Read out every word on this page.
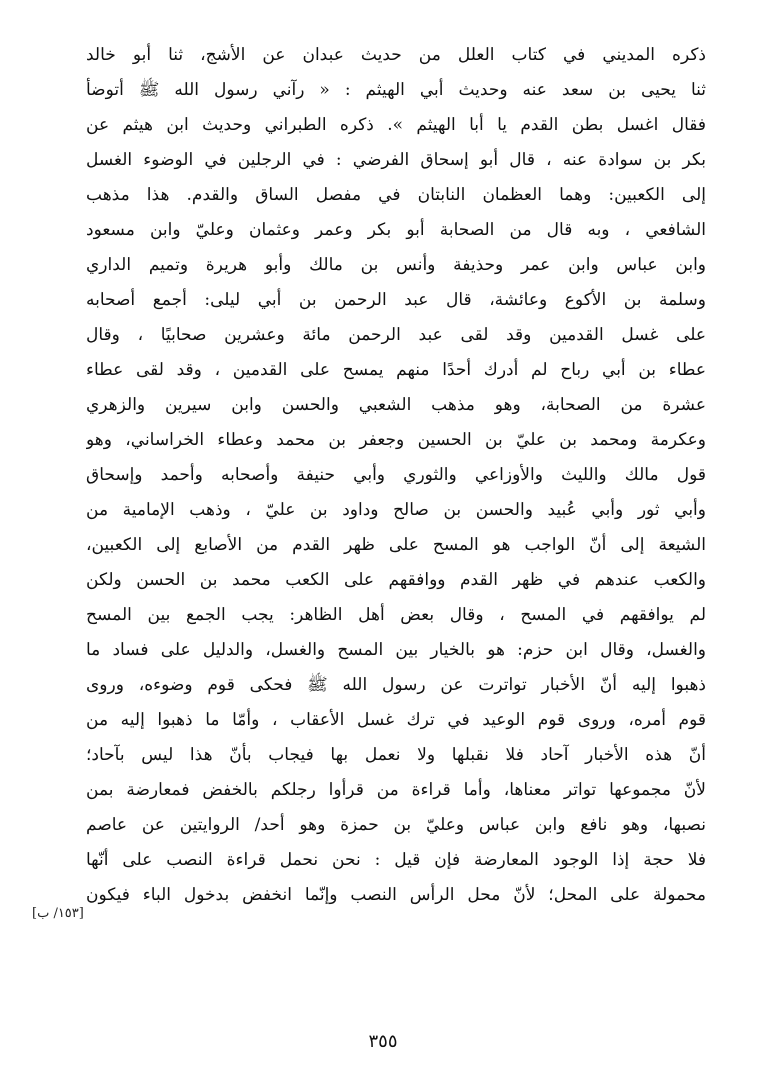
ذكره المديني في كتاب العلل من حديث عبدان عن الأشج، ثنا أبو خالد
ثنا يحيى بن سعد عنه وحديث أبي الهيثم : « رآني رسول الله ﷺ أتوضأ
فقال اغسل بطن القدم يا أبا الهيثم ». ذكره الطبراني وحديث ابن هيثم عن
بكر بن سوادة عنه ، قال أبو إسحاق الفرضي : في الرجلين في الوضوء الغسل
إلى الكعبين: وهما العظمان النابتان في مفصل الساق والقدم. هذا مذهب
الشافعي ، وبه قال من الصحابة أبو بكر وعمر وعثمان وعليّ وابن مسعود
وابن عباس وابن عمر وحذيفة وأنس بن مالك وأبو هريرة وتميم الداري
وسلمة بن الأكوع وعائشة، قال عبد الرحمن بن أبي ليلى: أجمع أصحابه
على غسل القدمين وقد لقى عبد الرحمن مائة وعشرين صحابيًا ، وقال
عطاء بن أبي رباح لم أدرك أحدًا منهم يمسح على القدمين ، وقد لقى عطاء
عشرة من الصحابة، وهو مذهب الشعبي والحسن وابن سيرين والزهري
وعكرمة ومحمد بن عليّ بن الحسين وجعفر بن محمد وعطاء الخراساني، وهو
قول مالك والليث والأوزاعي والثوري وأبي حنيفة وأصحابه وأحمد وإسحاق
وأبي ثور وأبي عُبيد والحسن بن صالح وداود بن عليّ ، وذهب الإمامية من
الشيعة إلى أنّ الواجب هو المسح على ظهر القدم من الأصابع إلى الكعبين،
والكعب عندهم في ظهر القدم ووافقهم على الكعب محمد بن الحسن ولكن
لم يوافقهم في المسح ، وقال بعض أهل الظاهر: يجب الجمع بين المسح
والغسل، وقال ابن حزم: هو بالخيار بين المسح والغسل، والدليل على فساد ما
ذهبوا إليه أنّ الأخبار تواترت عن رسول الله ﷺ فحكى قوم وضوءه، وروى
قوم أمره، وروى قوم الوعيد في ترك غسل الأعقاب ، وأمّا ما ذهبوا إليه من
أنّ هذه الأخبار آحاد فلا نقبلها ولا نعمل بها فيجاب بأنّ هذا ليس بآحاد؛
لأنّ مجموعها تواتر معناها، وأما قراءة من قرأوا رجلكم بالخفض فمعارضة بمن
نصبها، وهو نافع وابن عباس وعليّ بن حمزة وهو أحد/ الروايتين عن عاصم
فلا حجة إذا الوجود المعارضة فإن قيل : نحن نحمل قراءة النصب على أنّها
محمولة على المحل؛ لأنّ محل الرأس النصب وإنّما انخفض بدخول الباء فيكون
[١٥٣/ ب]
٣٥٥
